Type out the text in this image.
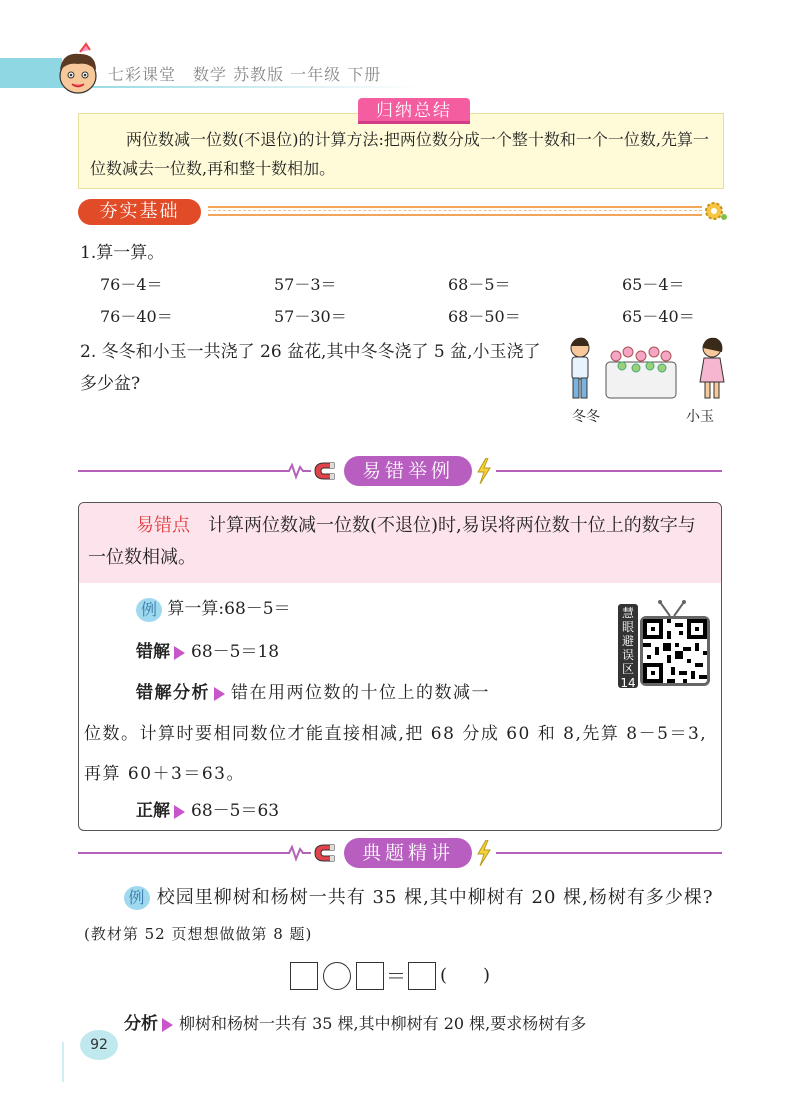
七彩课堂　数学 苏教版 一年级 下册
归纳总结
两位数减一位数(不退位)的计算方法:把两位数分成一个整十数和一个一位数,先算一位数减去一位数,再和整十数相加。
夯实基础
1.算一算。
76－4＝	57－3＝	68－5＝	65－4＝
76－40＝	57－30＝	68－50＝	65－40＝
2. 冬冬和小玉一共浇了 26 盆花,其中冬冬浇了 5 盆,小玉浇了多少盆?
冬冬	小玉
易错举例
计算两位数减一位数(不退位)时,易误将两位数十位上的数字与一位数相减。
易错点
例 算一算:68－5＝
错解 68－5＝18
错解分析 错在用两位数的十位上的数减一
位数。计算时要相同数位才能直接相减,把 68 分成 60 和 8,先算 8－5＝3,再算 60＋3＝63。
正解 68－5＝63
慧眼避误区14
典题精讲
例 校园里柳树和杨树一共有 35 棵,其中柳树有 20 棵,杨树有多少棵?(教材第 52 页想想做做第 8 题)
＝ (　　)
分析 柳树和杨树一共有 35 棵,其中柳树有 20 棵,要求杨树有多
92
